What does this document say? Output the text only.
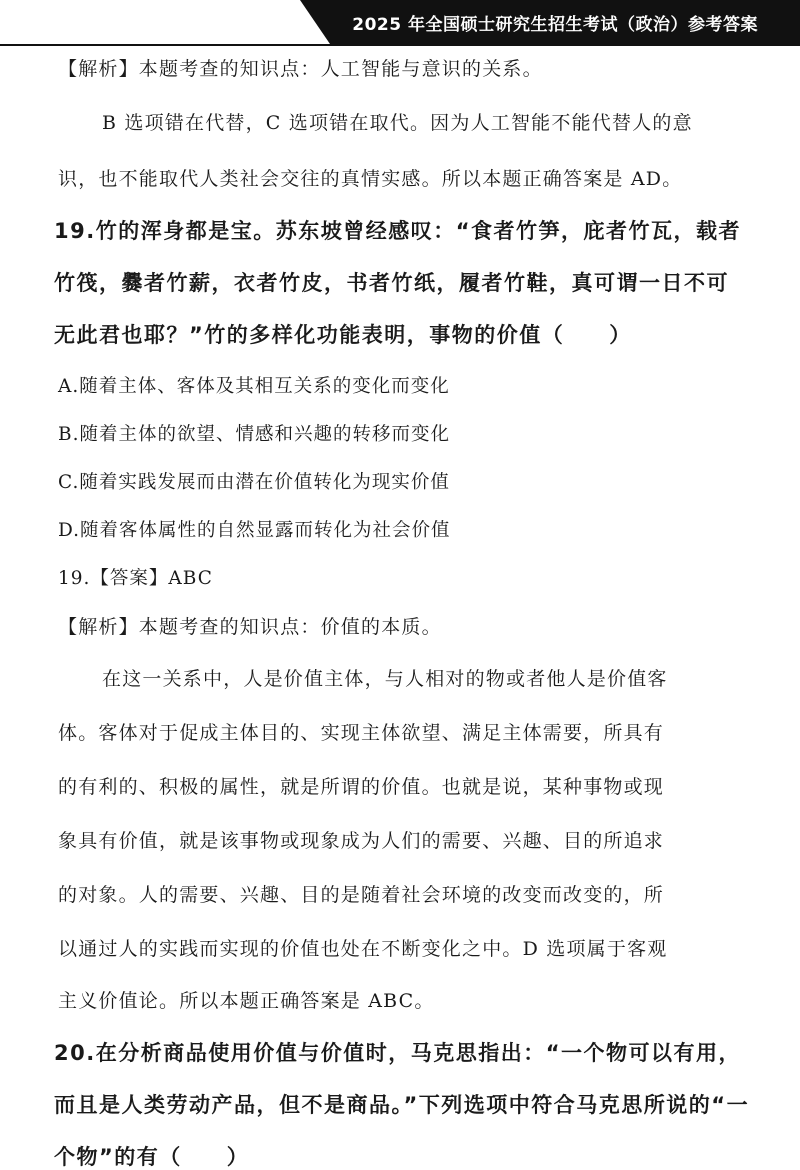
2025 年全国硕士研究生招生考试（政治）参考答案
【解析】本题考查的知识点：人工智能与意识的关系。
B 选项错在代替，C 选项错在取代。因为人工智能不能代替人的意
识，也不能取代人类社会交往的真情实感。所以本题正确答案是 AD。
19.竹的浑身都是宝。苏东坡曾经感叹：“食者竹笋，庇者竹瓦，载者
竹筏，爨者竹薪，衣者竹皮，书者竹纸，履者竹鞋，真可谓一日不可
无此君也耶？”竹的多样化功能表明，事物的价值（　　）
A.随着主体、客体及其相互关系的变化而变化
B.随着主体的欲望、情感和兴趣的转移而变化
C.随着实践发展而由潜在价值转化为现实价值
D.随着客体属性的自然显露而转化为社会价值
19.【答案】ABC
【解析】本题考查的知识点：价值的本质。
在这一关系中，人是价值主体，与人相对的物或者他人是价值客
体。客体对于促成主体目的、实现主体欲望、满足主体需要，所具有
的有利的、积极的属性，就是所谓的价值。也就是说，某种事物或现
象具有价值，就是该事物或现象成为人们的需要、兴趣、目的所追求
的对象。人的需要、兴趣、目的是随着社会环境的改变而改变的，所
以通过人的实践而实现的价值也处在不断变化之中。D 选项属于客观
主义价值论。所以本题正确答案是 ABC。
20.在分析商品使用价值与价值时，马克思指出：“一个物可以有用，
而且是人类劳动产品，但不是商品。”下列选项中符合马克思所说的“一
个物”的有（　　）
